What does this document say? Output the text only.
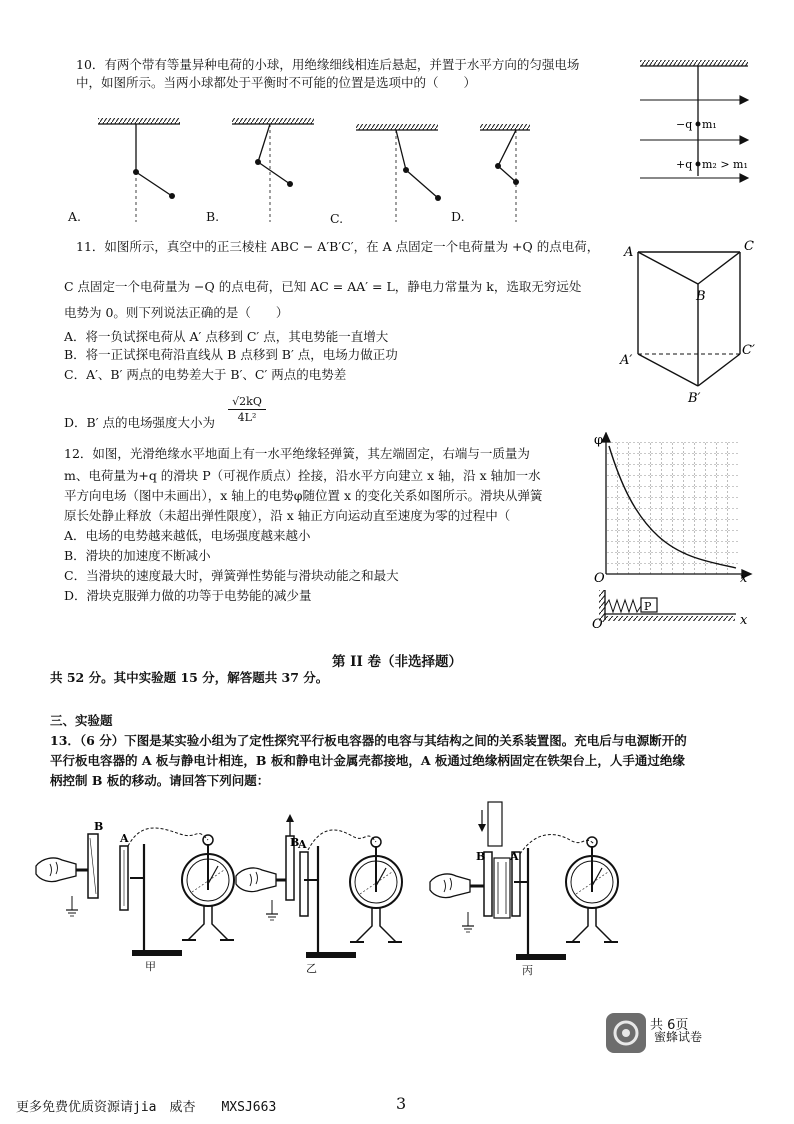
10．有两个带有等量异种电荷的小球，用绝缘细线相连后悬起，并置于水平方向的匀强电场
中，如图所示。当两小球都处于平衡时不可能的位置是选项中的（　　）
A.	B.	C.	D.
−q m₁
+q m₂ > m₁
11．如图所示，真空中的正三棱柱 ABC − A′B′C′，在 A 点固定一个电荷量为 +Q 的点电荷，
C 点固定一个电荷量为 −Q 的点电荷，已知 AC = AA′ = L，静电力常量为 k，选取无穷远处
电势为 0。则下列说法正确的是（　　）
A．将一负试探电荷从 A′ 点移到 C′ 点，其电势能一直增大
B．将一正试探电荷沿直线从 B 点移到 B′ 点，电场力做正功
C．A′、B′ 两点的电势差大于 B′、C′ 两点的电势差
D．B′ 点的电场强度大小为 $\frac{√2kQ}{\text{4L²}}$
A	C
B
A′
C′
B′
12．如图，光滑绝缘水平地面上有一水平绝缘轻弹簧，其左端固定，右端与一质量为
m、电荷量为+q 的滑块 P（可视作质点）拴接，沿水平方向建立 x 轴，沿 x 轴加一水
平方向电场（图中未画出），x 轴上的电势φ随位置 x 的变化关系如图所示。滑块从弹簧
原长处静止释放（未超出弹性限度），沿 x 轴正方向运动直至速度为零的过程中（
A．电场的电势越来越低，电场强度越来越小
B．滑块的加速度不断减小
C．当滑块的速度最大时，弹簧弹性势能与滑块动能之和最大
D．滑块克服弹力做的功等于电势能的减少量
φ
O	x
P
O	x
第 II 卷（非选择题）
共 52 分。其中实验题 15 分，解答题共 37 分。
三、实验题
13．（6 分）下图是某实验小组为了定性探究平行板电容器的电容与其结构之间的关系装置图。充电后与电源断开的
平行板电容器的 A 板与静电计相连，B 板和静电计金属壳都接地，A 板通过绝缘柄固定在铁架台上，人手通过绝缘
柄控制 B 板的移动。请回答下列问题：
B
A	B
A
B A
甲	乙	丙
共 6页
蜜蜂试卷
更多免费优质资源请jia　威杏　　MXSJ663	3
